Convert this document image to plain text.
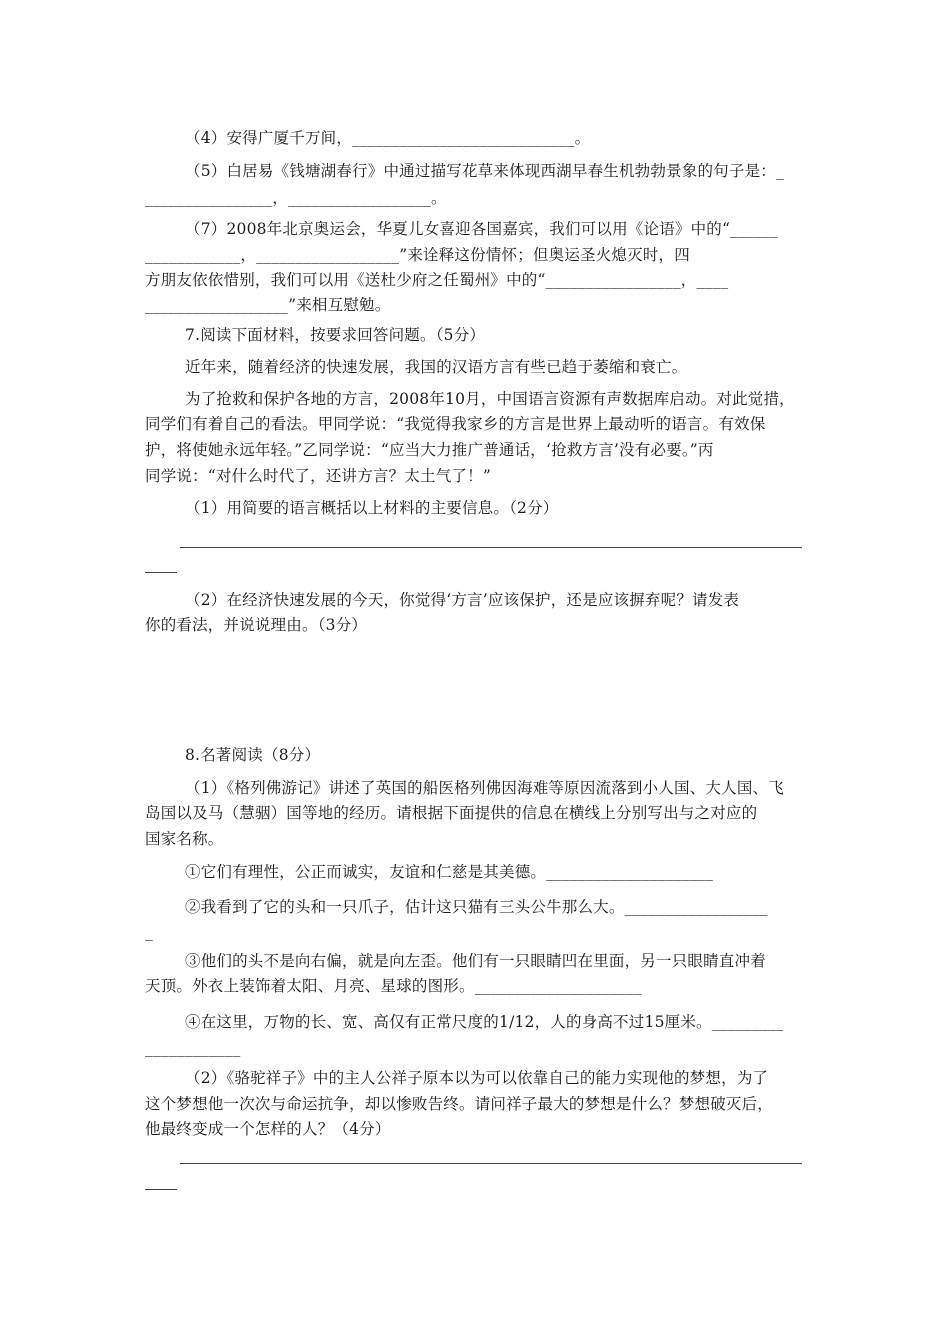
（4）安得广厦千万间，____________________________。
（5）白居易《钱塘湖春行》中通过描写花草来体现西湖早春生机勃勃景象的句子是：_
________________，__________________。
（7）2008年北京奥运会，华夏儿女喜迎各国嘉宾，我们可以用《论语》中的“______
____________，__________________”来诠释这份情怀；但奥运圣火熄灭时，四
方朋友依依惜别，我们可以用《送杜少府之任蜀州》中的“_________________，____
__________________”来相互慰勉。
7.阅读下面材料，按要求回答问题。（5分）
近年来，随着经济的快速发展，我国的汉语方言有些已趋于萎缩和衰亡。
为了抢救和保护各地的方言，2008年10月，中国语言资源有声数据库启动。对此觉措，
同学们有着自己的看法。甲同学说：“我觉得我家乡的方言是世界上最动听的语言。有效保
护，将使她永远年轻。”乙同学说：“应当大力推广普通话，‘抢救方言’没有必要。”丙
同学说：“对什么时代了，还讲方言？太土气了！”
（1）用简要的语言概括以上材料的主要信息。（2分）
（2）在经济快速发展的今天，你觉得‘方言’应该保护，还是应该摒弃呢？请发表
你的看法，并说说理由。（3分）
8.名著阅读（8分）
（1）《格列佛游记》讲述了英国的船医格列佛因海难等原因流落到小人国、大人国、飞
岛国以及马（慧骃）国等地的经历。请根据下面提供的信息在横线上分别写出与之对应的
国家名称。
①它们有理性，公正而诚实，友谊和仁慈是其美德。_____________________
②我看到了它的头和一只爪子，估计这只猫有三头公牛那么大。__________________
_
③他们的头不是向右偏，就是向左歪。他们有一只眼睛凹在里面，另一只眼睛直冲着
天顶。外衣上装饰着太阳、月亮、星球的图形。_____________________
④在这里，万物的长、宽、高仅有正常尺度的1/12，人的身高不过15厘米。_________
____________
（2）《骆驼祥子》中的主人公祥子原本以为可以依靠自己的能力实现他的梦想，为了
这个梦想他一次次与命运抗争，却以惨败告终。请问祥子最大的梦想是什么？梦想破灭后，
他最终变成一个怎样的人？（4分）
